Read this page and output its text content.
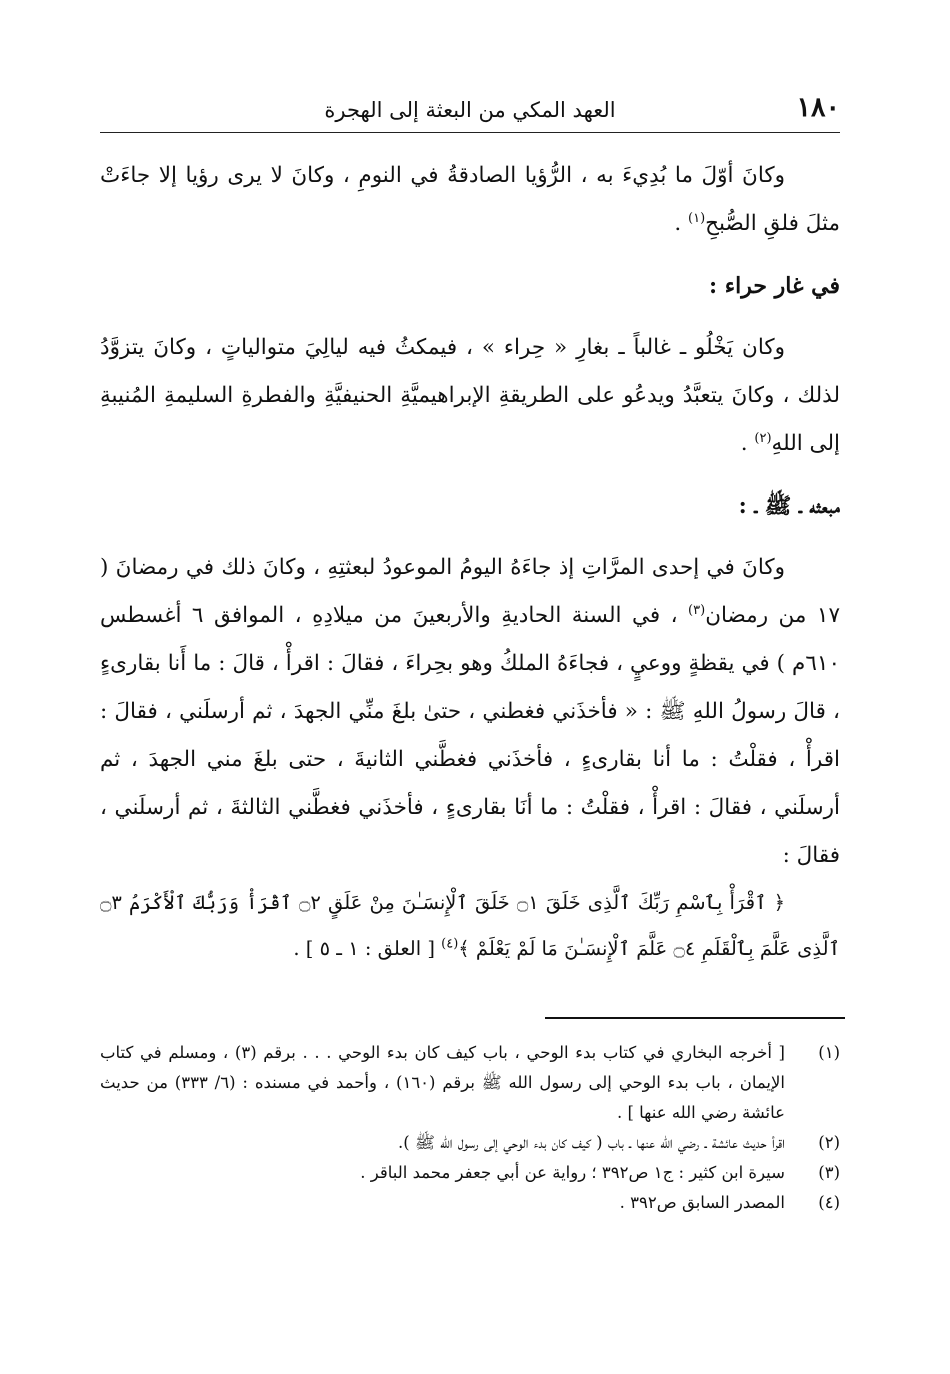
١٨٠
العهد المكي من البعثة إلى الهجرة

وكانَ أوّلَ ما بُدِيءَ به ، الرُّؤيا الصادقةُ في النومِ ، وكانَ لا يرى رؤيا إلا جاءَتْ مثلَ فلقِ الصُّبحِ$^{(١)}$ .

في غار حراء :

وكان يَخْلُو ـ غالباً ـ بغارِ « حِراء » ، فيمكثُ فيه ليالِيَ متوالياتٍ ، وكانَ يتزوَّدُ لذلك ، وكانَ يتعبَّدُ ويدعُو على الطريقةِ الإبراهيميَّةِ الحنيفيَّةِ والفطرةِ السليمةِ المُنيبةِ إلى اللهِ$^{(٢)}$ .

مبعثه ـ ﷺ ـ :

وكانَ في إحدى المرَّاتِ إذ جاءَهُ اليومُ الموعودُ لبعثتِهِ ، وكانَ ذلك في رمضانَ ( ١٧ من رمضان$^{(٣)}$ ، في السنة الحاديةِ والأربعينَ من ميلادِهِ ، الموافق ٦ أغسطس ٦١٠م ) في يقظةٍ ووعيٍ ، فجاءَهُ الملكُ وهو بحِراءَ ، فقالَ : اقرأْ ، قالَ : ما أَنا بقارىءٍ ، قالَ رسولُ اللهِ ﷺ : « فأخذَني فغطني ، حتىٰ بلغَ منِّي الجهدَ ، ثم أرسلَني ، فقالَ : اقرأْ ، فقلْتُ : ما أنا بقارىءٍ ، فأخذَني فغطَّني الثانيةَ ، حتى بلغَ مني الجهدَ ، ثم أرسلَني ، فقالَ : اقرأْ ، فقلْتُ : ما أنَا بقارىءٍ ، فأخذَني فغطَّني الثالثةَ ، ثم أرسلَني ، فقالَ :

﴿ ٱقْرَأْ بِٱسْمِ رَبِّكَ ٱلَّذِى خَلَقَ ۝١ خَلَقَ ٱلْإِنسَـٰنَ مِنْ عَلَقٍ ۝٢ ٱقْرَأْ وَرَبُّكَ ٱلْأَكْرَمُ ۝٣ ٱلَّذِى عَلَّمَ بِٱلْقَلَمِ ۝٤ عَلَّمَ ٱلْإِنسَـٰنَ مَا لَمْ يَعْلَمْ ﴾$^{(٤)}$ [ العلق : ١ ـ ٥ ] .

(١)
[ أخرجه البخاري في كتاب بدء الوحي ، باب كيف كان بدء الوحي . . . برقم (٣) ، ومسلم في كتاب الإيمان ، باب بدء الوحي إلى رسول الله ﷺ برقم (١٦٠) ، وأحمد في مسنده : (٦/ ٣٣٣) من حديث عائشة رضي الله عنها ] .
(٢)
اقرأ حديث عائشة ـ رضي الله عنها ـ باب ( كيف كان بدء الوحي إلى رسول الله ﷺ ).
(٣)
سيرة ابن كثير : ج١ ص٣٩٢ ؛ رواية عن أبي جعفر محمد الباقر .
(٤)
المصدر السابق ص٣٩٢ .
